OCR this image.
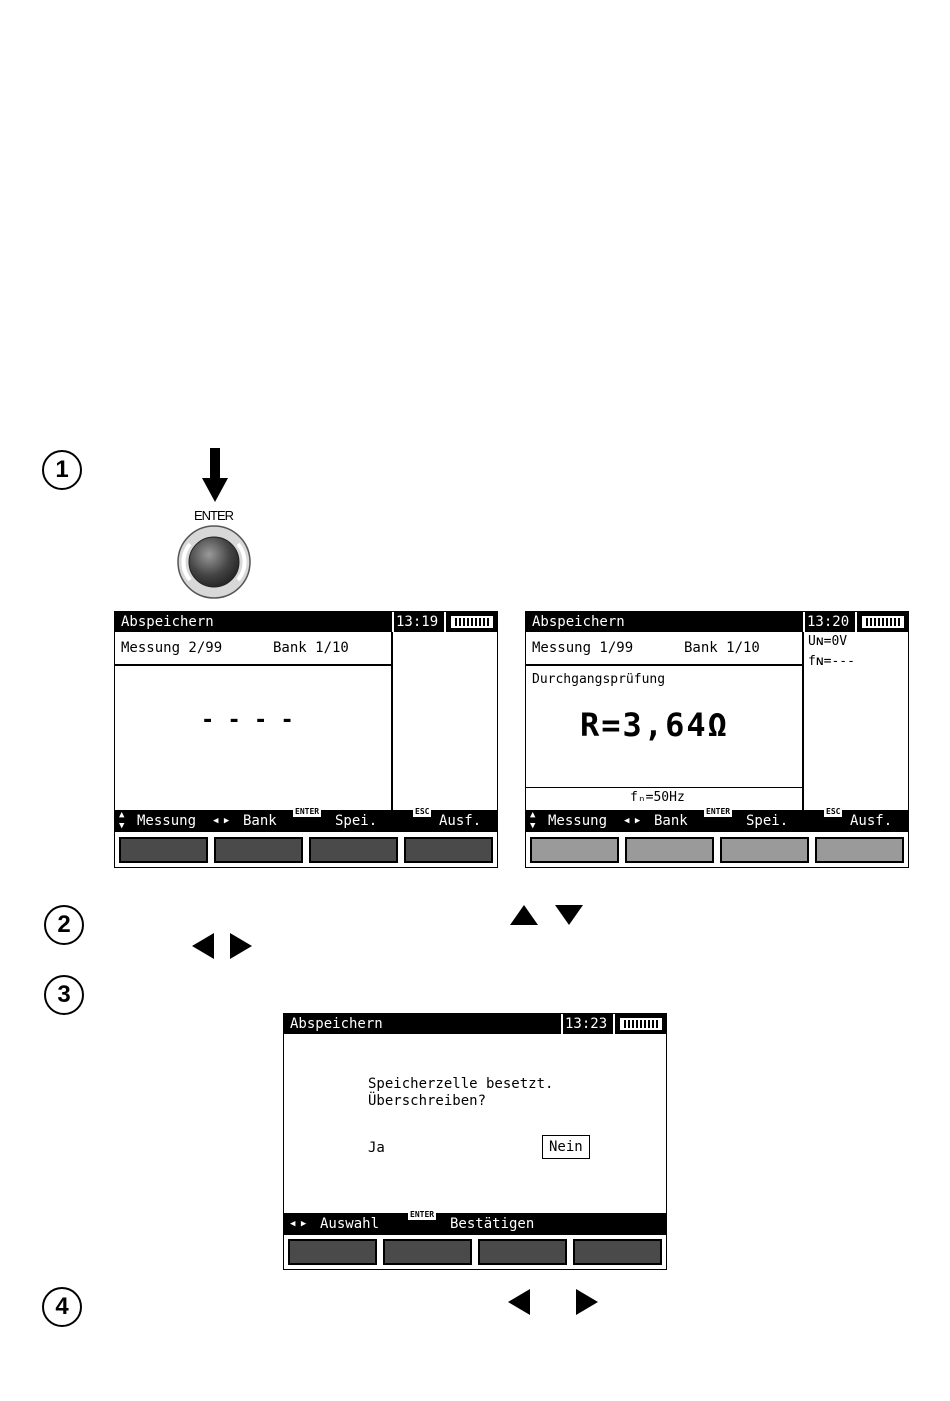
1
ENTER
Abspeichern	13:19
Messung 2/99	Bank 1/10
- - - -
▲
▼ Messung ◀ ▶ Bank
ENTER
Spei.
ESC
Ausf.
Abspeichern	13:20
Messung 1/99	Bank 1/10	Uɴ=0V
fɴ=---
Durchgangsprüfung
R=3,64Ω
fₙ=50Hz
▲
▼ Messung ◀ ▶ Bank
ENTER
Spei.
ESC
Ausf.
2
3
Abspeichern	13:23
Speicherzelle besetzt.
Überschreiben?
Ja	Nein
◀ ▶ Auswahl
ENTER
Bestätigen
4
